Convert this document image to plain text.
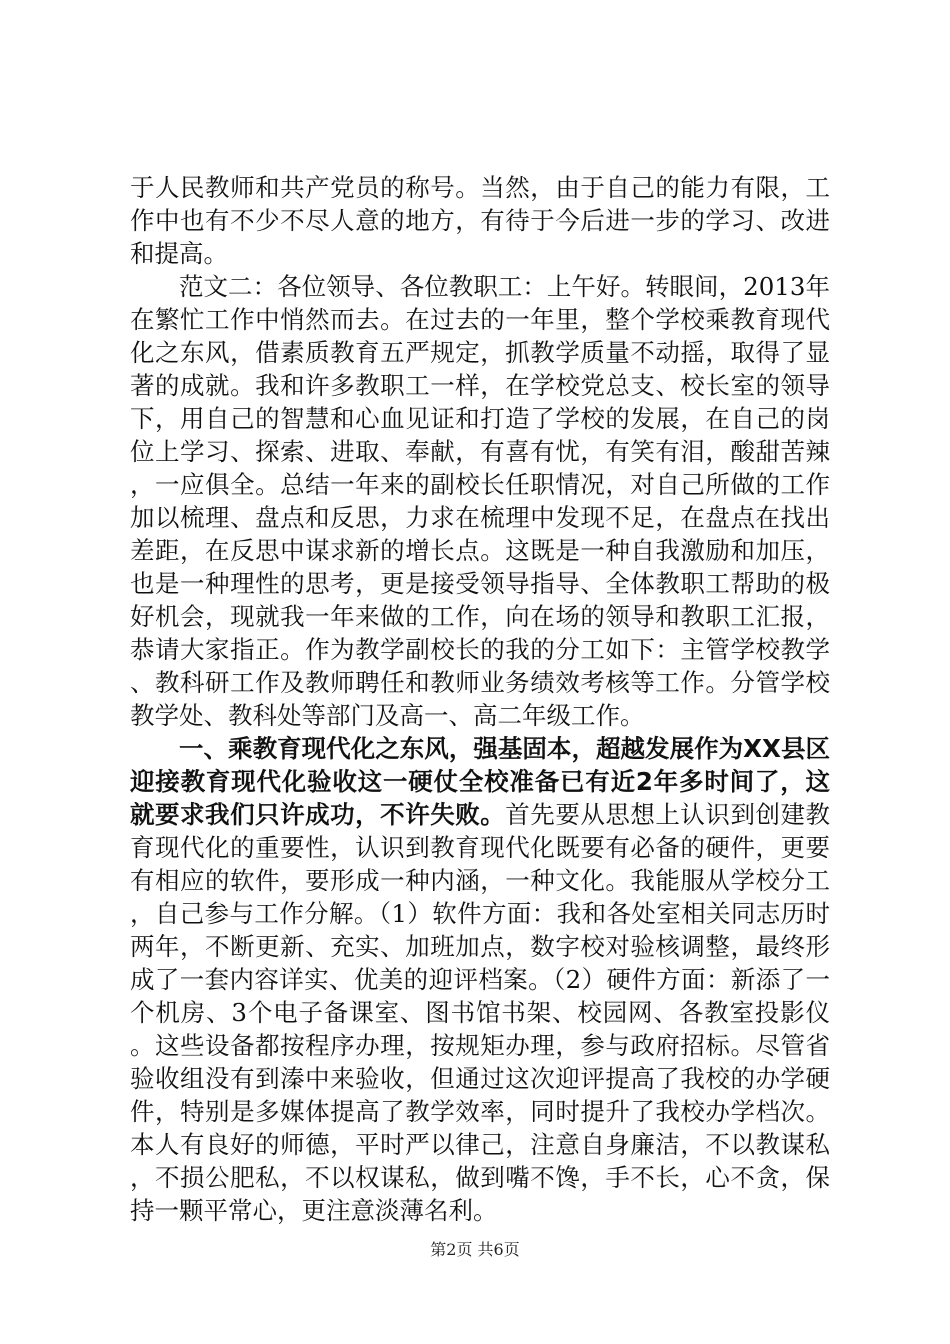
于人民教师和共产党员的称号。当然，由于自己的能力有限，工作中也有不少不尽人意的地方，有待于今后进一步的学习、改进和提高。

范文二：各位领导、各位教职工：上午好。转眼间，2013年在繁忙工作中悄然而去。在过去的一年里，整个学校乘教育现代化之东风，借素质教育五严规定，抓教学质量不动摇，取得了显著的成就。我和许多教职工一样，在学校党总支、校长室的领导下，用自己的智慧和心血见证和打造了学校的发展，在自己的岗位上学习、探索、进取、奉献，有喜有忧，有笑有泪，酸甜苦辣，一应俱全。总结一年来的副校长任职情况，对自己所做的工作加以梳理、盘点和反思，力求在梳理中发现不足，在盘点在找出差距，在反思中谋求新的增长点。这既是一种自我激励和加压，也是一种理性的思考，更是接受领导指导、全体教职工帮助的极好机会，现就我一年来做的工作，向在场的领导和教职工汇报，恭请大家指正。作为教学副校长的我的分工如下：主管学校教学、教科研工作及教师聘任和教师业务绩效考核等工作。分管学校教学处、教科处等部门及高一、高二年级工作。

一、乘教育现代化之东风，强基固本，超越发展作为XX县区迎接教育现代化验收这一硬仗全校准备已有近2年多时间了，这就要求我们只许成功，不许失败。首先要从思想上认识到创建教育现代化的重要性，认识到教育现代化既要有必备的硬件，更要有相应的软件，要形成一种内涵，一种文化。我能服从学校分工，自己参与工作分解。（1）软件方面：我和各处室相关同志历时两年，不断更新、充实、加班加点，数字校对验核调整，最终形成了一套内容详实、优美的迎评档案。（2）硬件方面：新添了一个机房、3个电子备课室、图书馆书架、校园网、各教室投影仪。这些设备都按程序办理，按规矩办理，参与政府招标。尽管省验收组没有到溱中来验收，但通过这次迎评提高了我校的办学硬件，特别是多媒体提高了教学效率，同时提升了我校办学档次。本人有良好的师德，平时严以律己，注意自身廉洁，不以教谋私，不损公肥私，不以权谋私，做到嘴不馋，手不长，心不贪，保持一颗平常心，更注意淡薄名利。

第2页 共6页
